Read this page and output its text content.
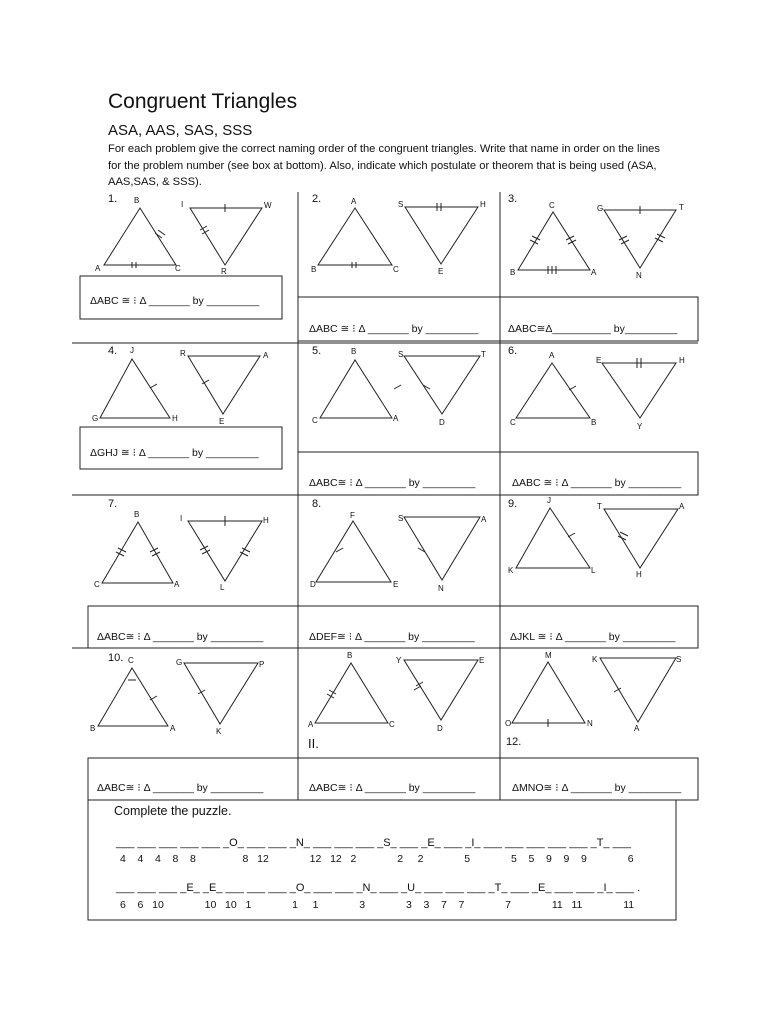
Congruent Triangles
ASA, AAS, SAS, SSS
For each problem give the correct naming order of the congruent triangles. Write that name in order on the lines for the problem number (see box at bottom). Also, indicate which postulate or theorem that is being used (ASA, AAS,SAS, & SSS).
1.	2.	3.
4.	5.	6.
7.	8.	9.
10.
II.	12.
B
A	C
I	W
R
A
B	C
S	H
E
C
B	A
G	T
N
J
G	H
R	A
E
B
C	A
S	T
D
A
C	B
E	H
Y
B
C	A
I	H
L
F
D	E
S	A
N
J
K	L
T	A
H
C
B	A
G	P
K
B
A	C
Y	E
D
M
O	N
K	S
A
ΔABC ≅ ⁝ Δ _______ by _________
ΔABC ≅ ⁝ Δ _______ by _________	ΔABC≅Δ__________ by_________
ΔGHJ ≅ ⁝ Δ _______ by _________
ΔABC≅ ⁝ Δ _______ by _________	ΔABC ≅ ⁝ Δ _______ by _________
ΔABC≅ ⁝ Δ _______ by _________	ΔDEF≅ ⁝ Δ _______ by _________	ΔJKL ≅ ⁝ Δ _______ by _________
ΔABC≅ ⁝ Δ _______ by _________	ΔABC≅ ⁝ Δ _______ by _________	ΔMNO≅ ⁝ Δ _______ by _________
Complete the puzzle.
___ ___ ___ ___ ___ _O_ ___ ___ _N_ ___ ___ ___ _S_ ___ _E_ ___ _I_ ___ ___ ___ ___ ___ _T_ ___
4    4    4    8    8                8   12              12   12   2              2     2              5              5    5    9    9    9              6
___ ___ ___ _E_ _E_ ___ ___ ___ _O_ ___ ___ _N_ ___ _U_ ___ ___ ___ _T_ ___ _E_ ___ ___ _I_ ___ .
6    6   10              10   10   1              1     1              3              3    3    7    7              7              11   11              11
